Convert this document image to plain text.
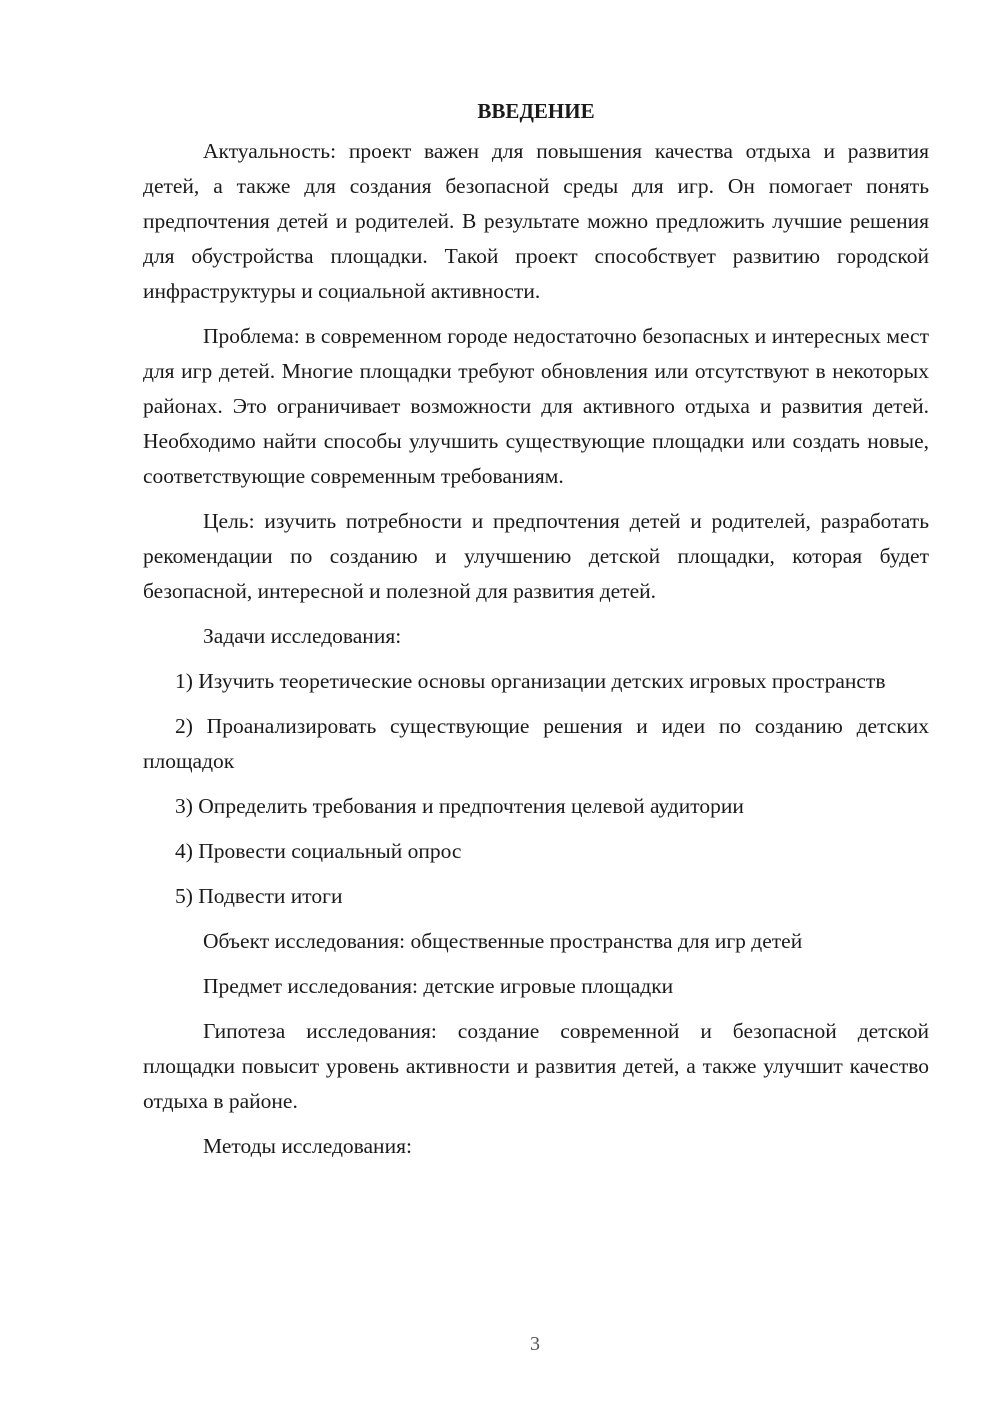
ВВЕДЕНИЕ

Актуальность: проект важен для повышения качества отдыха и развития детей, а также для создания безопасной среды для игр. Он помогает понять предпочтения детей и родителей. В результате можно предложить лучшие решения для обустройства площадки. Такой проект способствует развитию городской инфраструктуры и социальной активности.

Проблема: в современном городе недостаточно безопасных и интересных мест для игр детей. Многие площадки требуют обновления или отсутствуют в некоторых районах. Это ограничивает возможности для активного отдыха и развития детей. Необходимо найти способы улучшить существующие площадки или создать новые, соответствующие современным требованиям.

Цель: изучить потребности и предпочтения детей и родителей, разработать рекомендации по созданию и улучшению детской площадки, которая будет безопасной, интересной и полезной для развития детей.

Задачи исследования:

1) Изучить теоретические основы организации детских игровых пространств

2) Проанализировать существующие решения и идеи по созданию детских площадок

3) Определить требования и предпочтения целевой аудитории

4) Провести социальный опрос

5) Подвести итоги

Объект исследования: общественные пространства для игр детей

Предмет исследования: детские игровые площадки

Гипотеза исследования: создание современной и безопасной детской площадки повысит уровень активности и развития детей, а также улучшит качество отдыха в районе.

Методы исследования:

3
